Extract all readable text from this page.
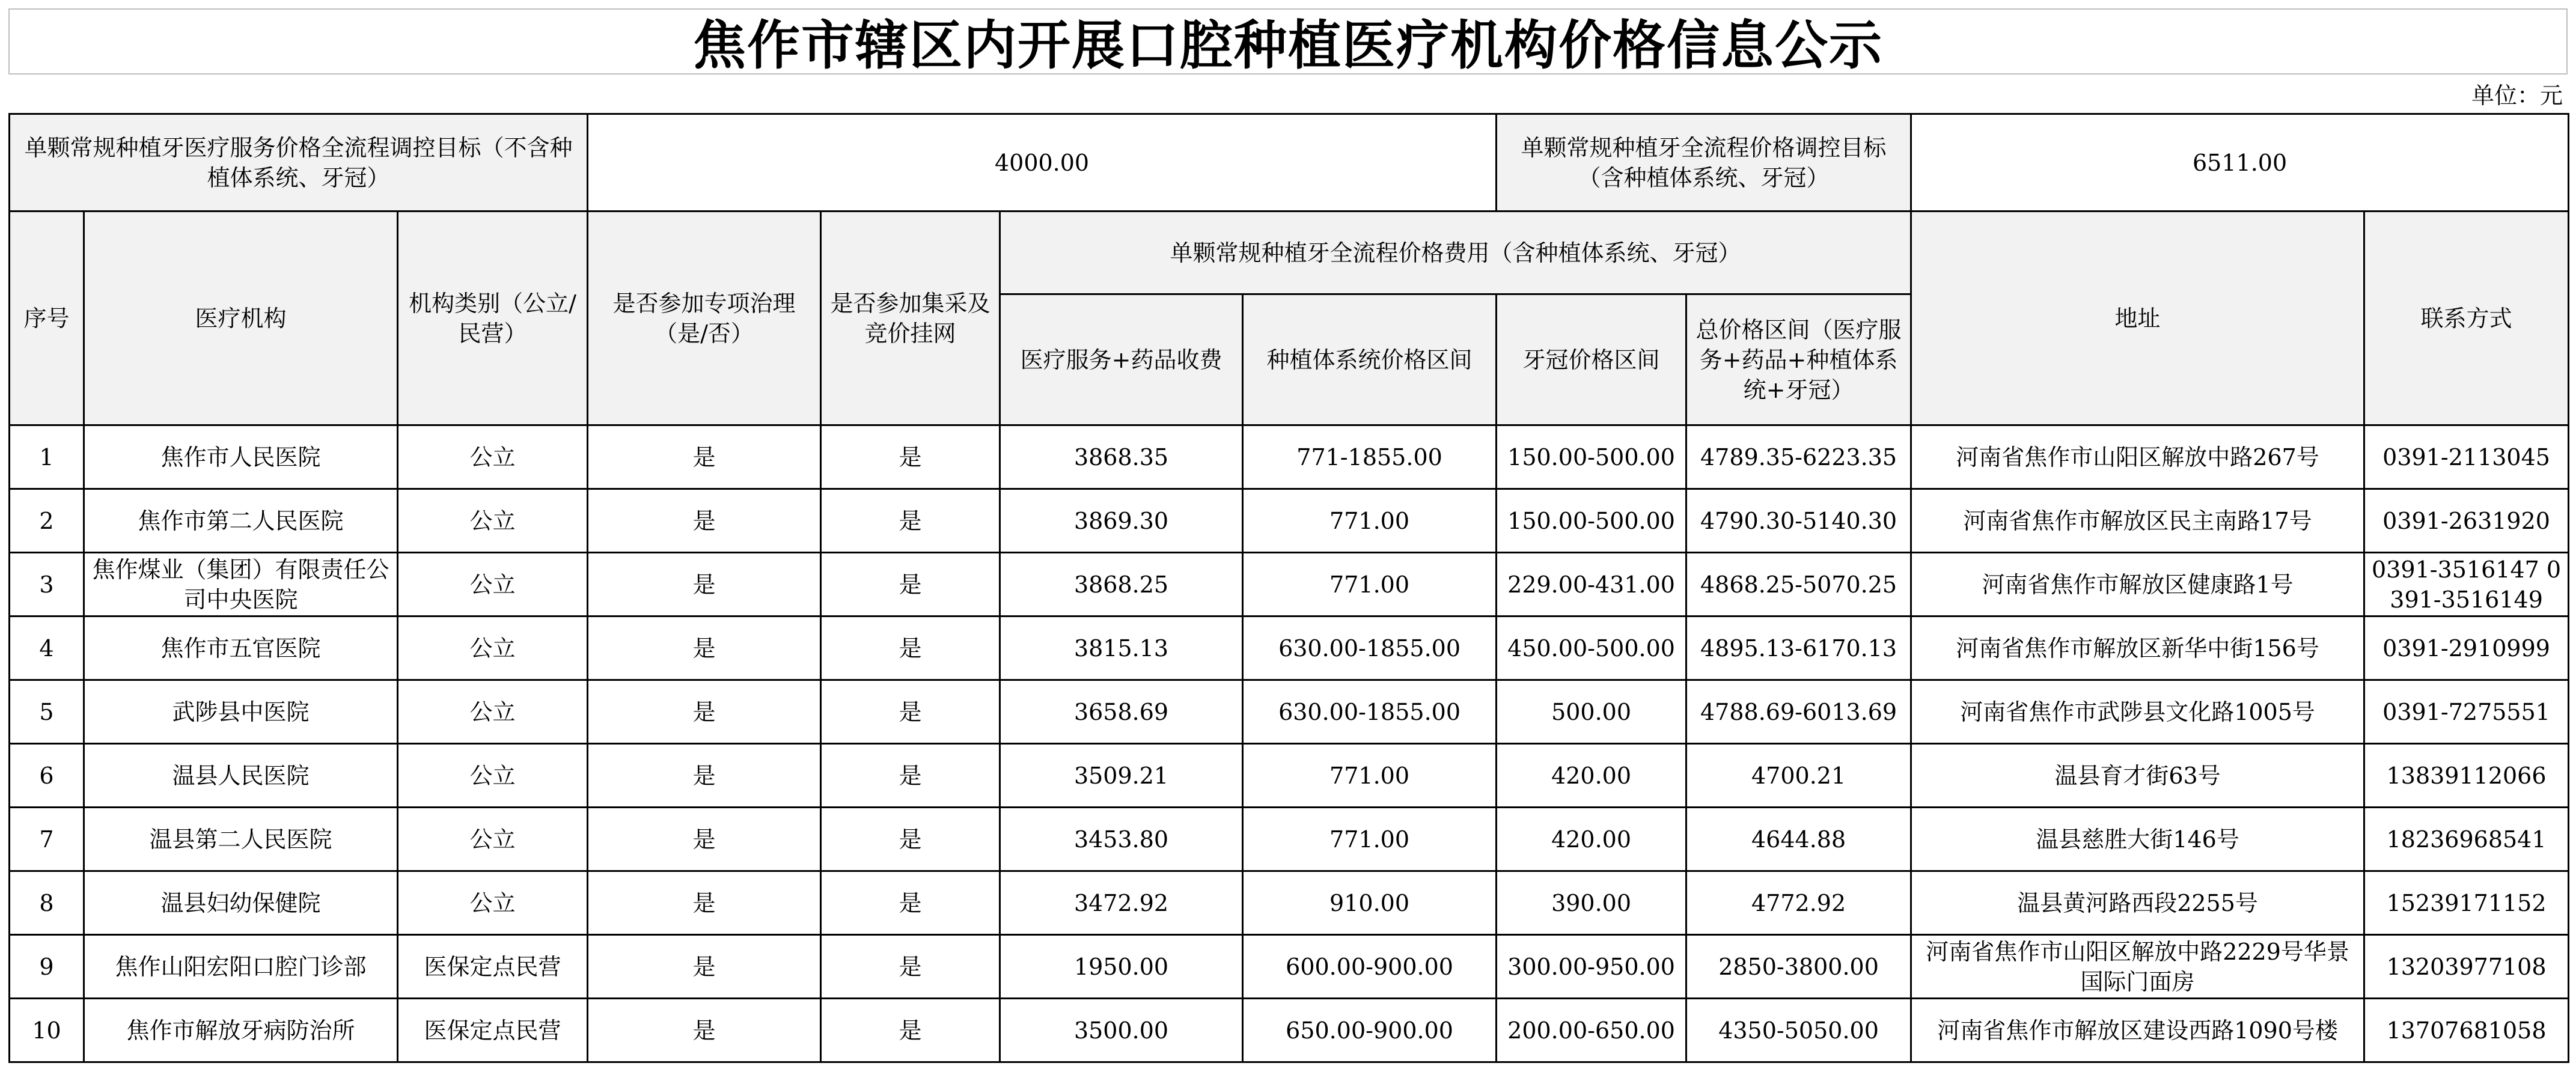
焦作市辖区内开展口腔种植医疗机构价格信息公示
单位：元
单颗常规种植牙医疗服务价格全流程调控目标（不含种植体系统、牙冠）			4000.00				单颗常规种植牙全流程价格调控目标（含种植体系统、牙冠）		6511.00	
序号	医疗机构	机构类别（公立/民营）	是否参加专项治理（是/否）	是否参加集采及竞价挂网	单颗常规种植牙全流程价格费用（含种植体系统、牙冠）				地址	联系方式
					医疗服务+药品收费	种植体系统价格区间	牙冠价格区间	总价格区间（医疗服务+药品+种植体系统+牙冠）		
1	焦作市人民医院	公立	是	是	3868.35	771-1855.00	150.00-500.00	4789.35-6223.35	河南省焦作市山阳区解放中路267号	0391-2113045
2	焦作市第二人民医院	公立	是	是	3869.30	771.00	150.00-500.00	4790.30-5140.30	河南省焦作市解放区民主南路17号	0391-2631920
3	焦作煤业（集团）有限责任公司中央医院	公立	是	是	3868.25	771.00	229.00-431.00	4868.25-5070.25	河南省焦作市解放区健康路1号	0391-3516147 0391-3516149
4	焦作市五官医院	公立	是	是	3815.13	630.00-1855.00	450.00-500.00	4895.13-6170.13	河南省焦作市解放区新华中街156号	0391-2910999
5	武陟县中医院	公立	是	是	3658.69	630.00-1855.00	500.00	4788.69-6013.69	河南省焦作市武陟县文化路1005号	0391-7275551
6	温县人民医院	公立	是	是	3509.21	771.00	420.00	4700.21	温县育才街63号	13839112066
7	温县第二人民医院	公立	是	是	3453.80	771.00	420.00	4644.88	温县慈胜大街146号	18236968541
8	温县妇幼保健院	公立	是	是	3472.92	910.00	390.00	4772.92	温县黄河路西段2255号	15239171152
9	焦作山阳宏阳口腔门诊部	医保定点民营	是	是	1950.00	600.00-900.00	300.00-950.00	2850-3800.00	河南省焦作市山阳区解放中路2229号华景国际门面房	13203977108
10	焦作市解放牙病防治所	医保定点民营	是	是	3500.00	650.00-900.00	200.00-650.00	4350-5050.00	河南省焦作市解放区建设西路1090号楼	13707681058
